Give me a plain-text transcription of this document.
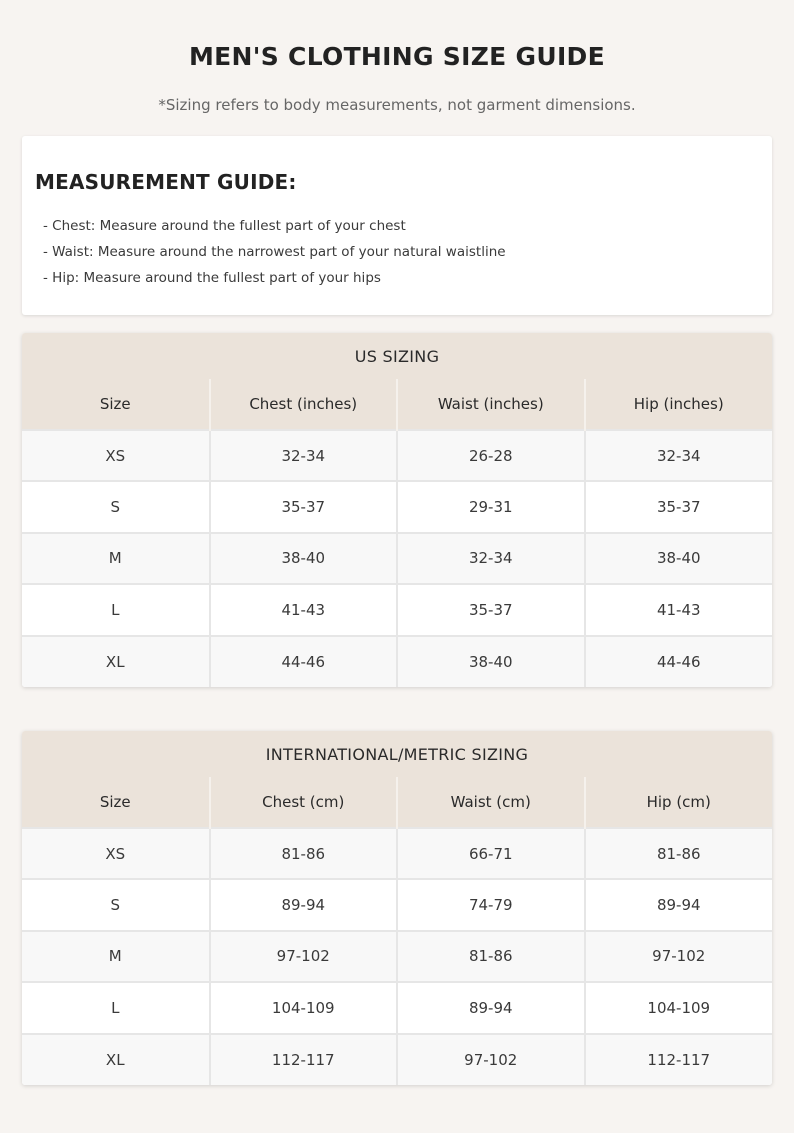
MEN'S CLOTHING SIZE GUIDE

*Sizing refers to body measurements, not garment dimensions.

MEASUREMENT GUIDE:
- Chest: Measure around the fullest part of your chest
- Waist: Measure around the narrowest part of your natural waistline
- Hip: Measure around the fullest part of your hips
US SIZING			
Size	Chest (inches)	Waist (inches)	Hip (inches)
XS	32-34	26-28	32-34
S	35-37	29-31	35-37
M	38-40	32-34	38-40
L	41-43	35-37	41-43
XL	44-46	38-40	44-46
INTERNATIONAL/METRIC SIZING			
Size	Chest (cm)	Waist (cm)	Hip (cm)
XS	81-86	66-71	81-86
S	89-94	74-79	89-94
M	97-102	81-86	97-102
L	104-109	89-94	104-109
XL	112-117	97-102	112-117
